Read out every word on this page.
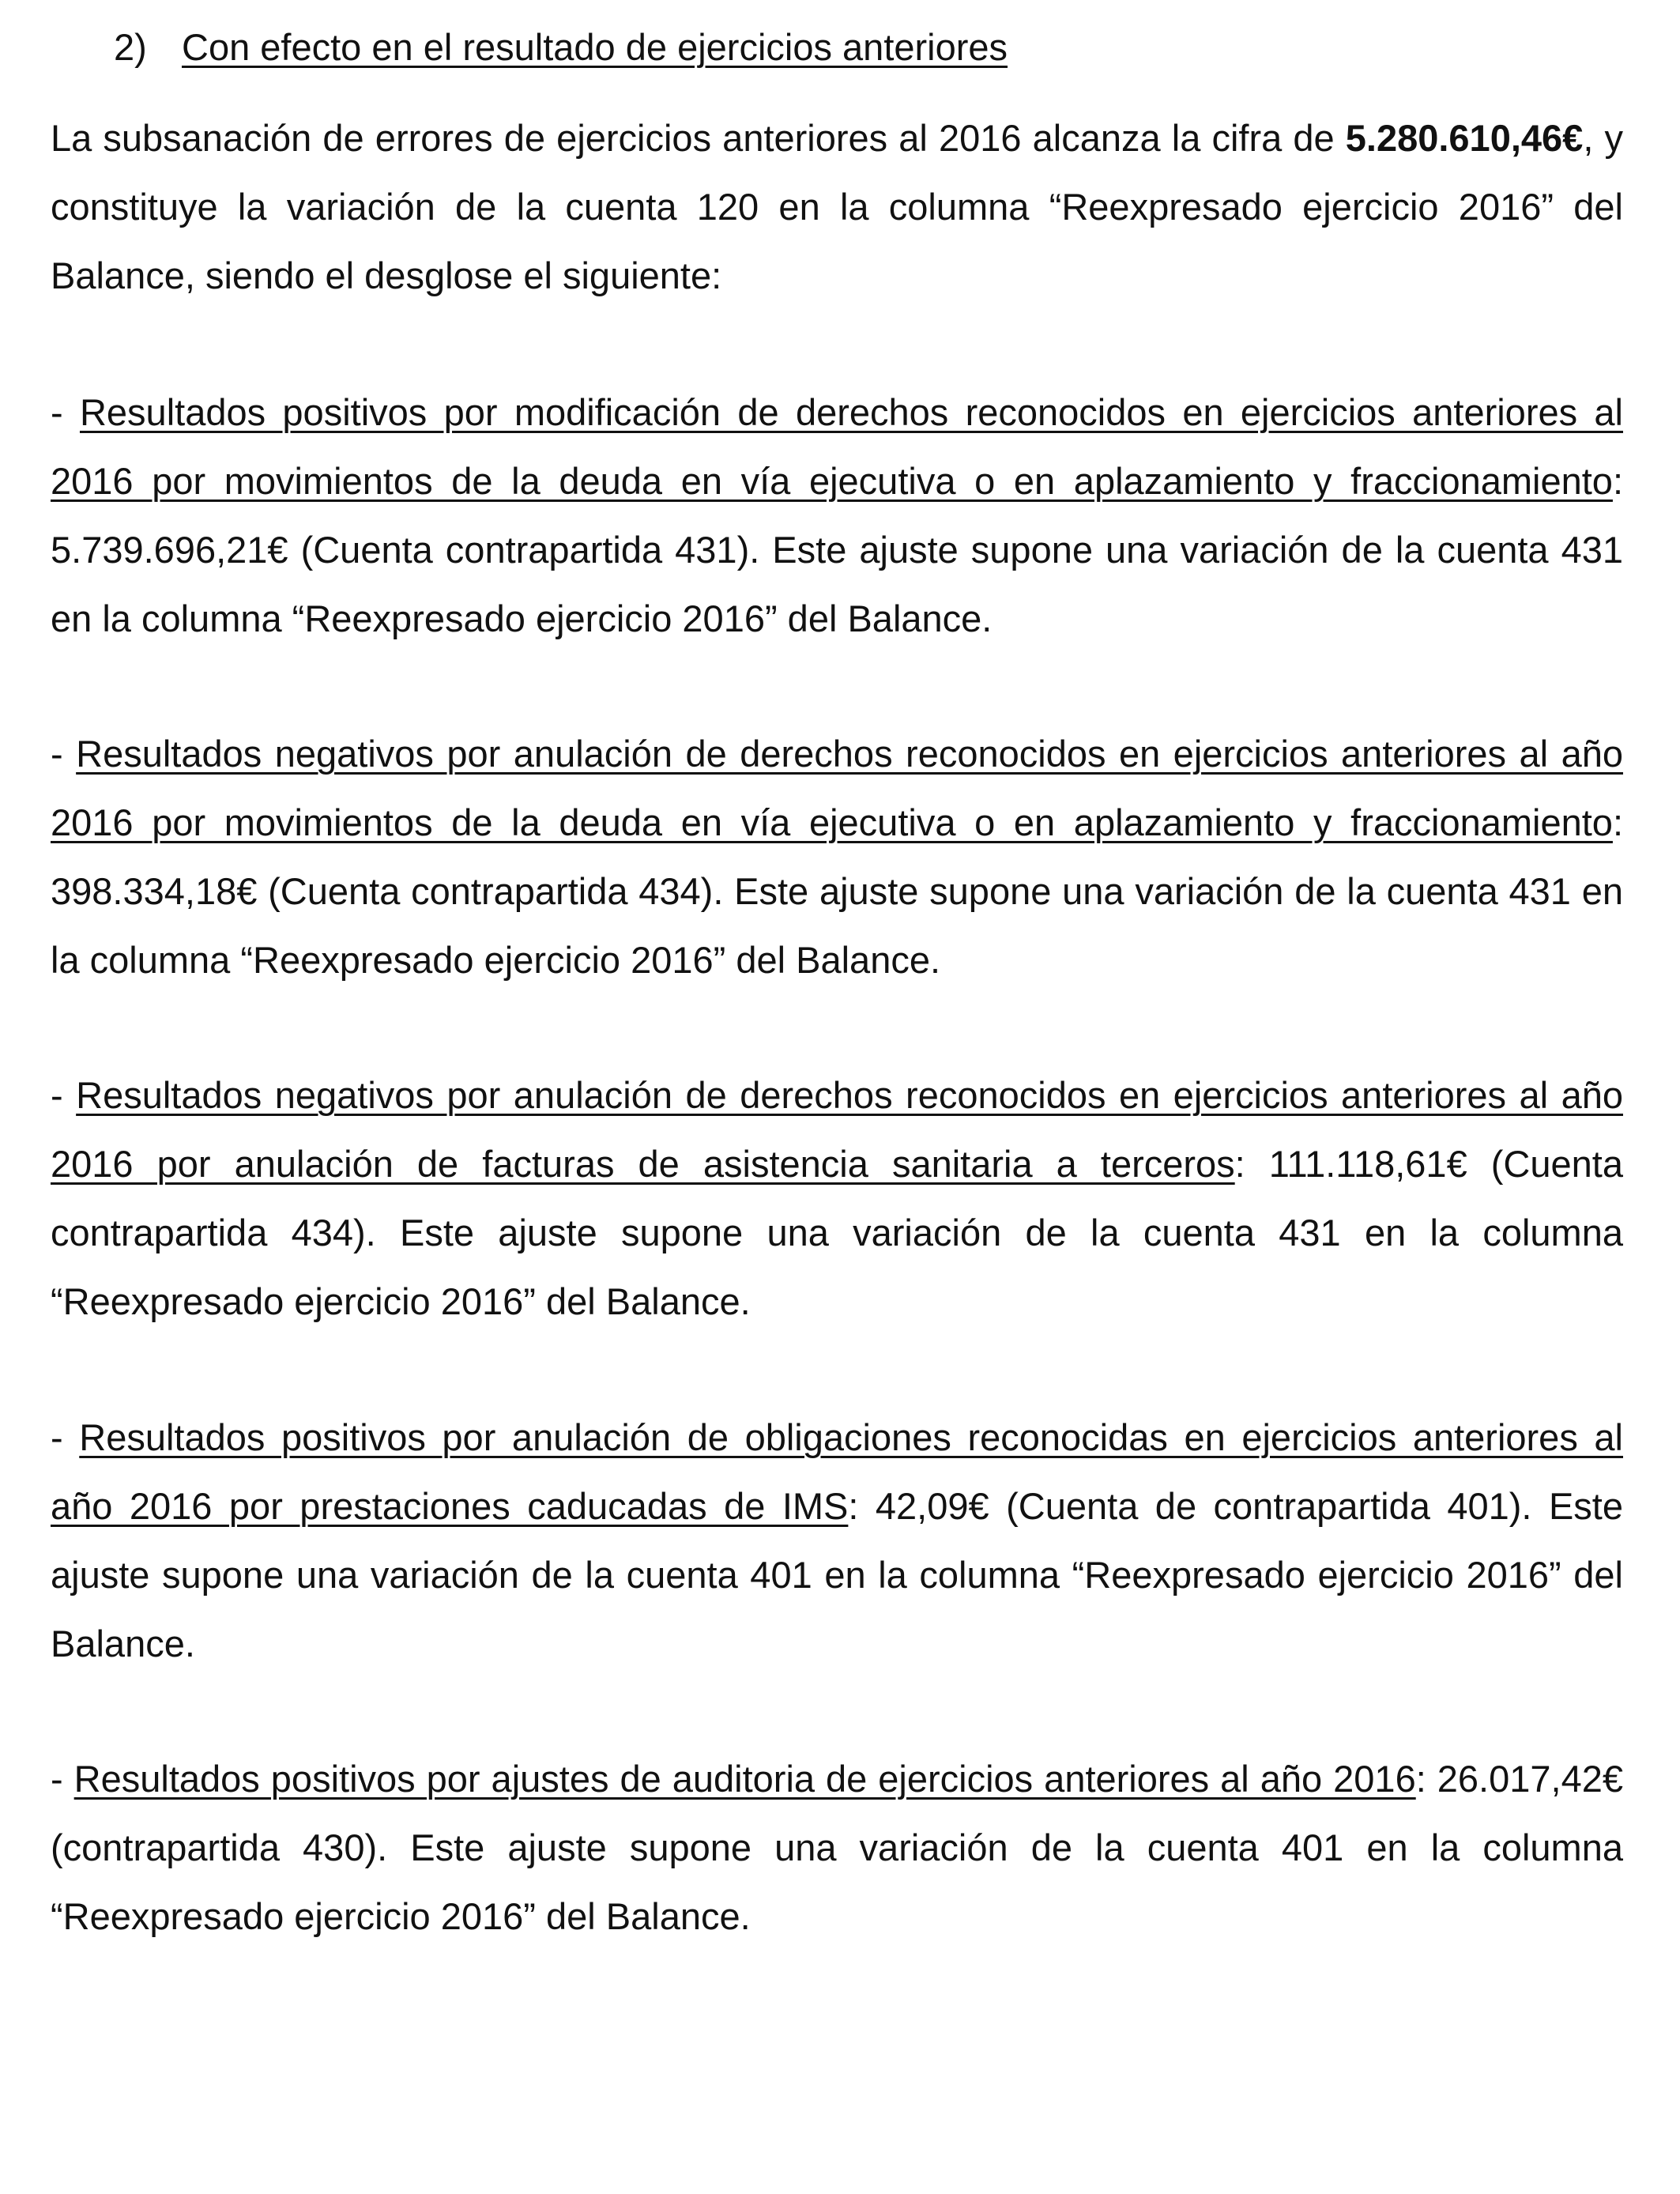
2) Con efecto en el resultado de ejercicios anteriores

La subsanación de errores de ejercicios anteriores al 2016 alcanza la cifra de 5.280.610,46€, y constituye la variación de la cuenta 120 en la columna “Reexpresado ejercicio 2016” del Balance, siendo el desglose el siguiente:

- Resultados positivos por modificación de derechos reconocidos en ejercicios anteriores al 2016 por movimientos de la deuda en vía ejecutiva o en aplazamiento y fraccionamiento: 5.739.696,21€ (Cuenta contrapartida 431). Este ajuste supone una variación de la cuenta 431 en la columna “Reexpresado ejercicio 2016” del Balance.

- Resultados negativos por anulación de derechos reconocidos en ejercicios anteriores al año 2016 por movimientos de la deuda en vía ejecutiva o en aplazamiento y fraccionamiento: 398.334,18€ (Cuenta contrapartida 434). Este ajuste supone una variación de la cuenta 431 en la columna “Reexpresado ejercicio 2016” del Balance.

- Resultados negativos por anulación de derechos reconocidos en ejercicios anteriores al año 2016 por anulación de facturas de asistencia sanitaria a terceros: 111.118,61€ (Cuenta contrapartida 434). Este ajuste supone una variación de la cuenta 431 en la columna “Reexpresado ejercicio 2016” del Balance.

- Resultados positivos por anulación de obligaciones reconocidas en ejercicios anteriores al año 2016 por prestaciones caducadas de IMS: 42,09€ (Cuenta de contrapartida 401). Este ajuste supone una variación de la cuenta 401 en la columna “Reexpresado ejercicio 2016” del Balance.

- Resultados positivos por ajustes de auditoria de ejercicios anteriores al año 2016: 26.017,42€ (contrapartida 430). Este ajuste supone una variación de la cuenta 401 en la columna “Reexpresado ejercicio 2016” del Balance.
